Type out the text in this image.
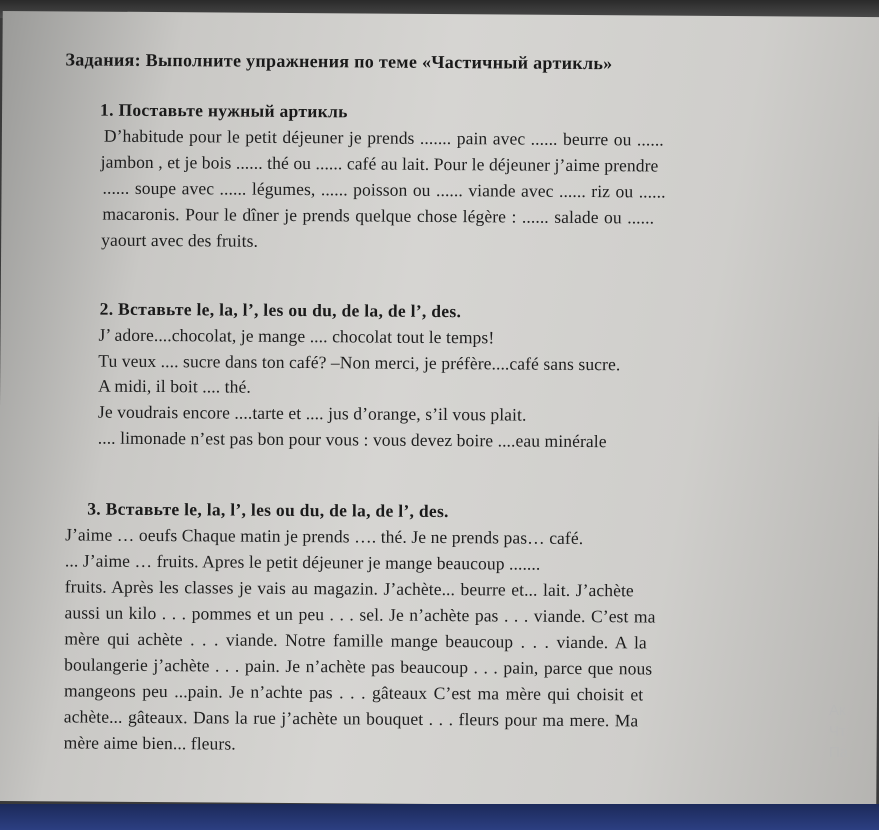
Задания: Выполните упражнения по теме «Частичный артикль»
1. Поставьте нужный артикль
D’habitude pour le petit déjeuner je prends ....... pain avec ...... beurre ou ......
jambon , et je bois ...... thé ou ...... café au lait. Pour le déjeuner j’aime prendre
...... soupe avec ...... légumes, ...... poisson ou ...... viande avec ...... riz ou ......
macaronis. Pour le dîner je prends quelque chose légère : ...... salade ou ......
yaourt avec des fruits.
2. Вставьте le, la, l’, les ou du, de la, de l’, des.
J’ adore....chocolat, je mange .... chocolat tout le temps!
Tu veux .... sucre dans ton café? –Non merci, je préfère....café sans sucre.
A midi, il boit .... thé.
Je voudrais encore ....tarte et .... jus d’orange, s’il vous plait.
.... limonade n’est pas bon pour vous : vous devez boire ....eau minérale
3. Вставьте le, la, l’, les ou du, de la, de l’, des.
J’aime … oeufs Chaque matin je prends …. thé. Je ne prends pas… café.
... J’aime … fruits. Apres le petit déjeuner je mange beaucoup .......
fruits. Après les classes je vais au magazin. J’achète... beurre et... lait. J’achète
aussi un kilo . . . pommes et un peu . . . sel. Je n’achète pas . . . viande. C’est ma
mère qui achète . . . viande. Notre famille mange beaucoup . . . viande. A la
boulangerie j’achète . . . pain. Je n’achète pas beaucoup . . . pain, parce que nous
mangeons peu ...pain. Je n’achte pas . . . gâteaux C’est ma mère qui choisit et
achète... gâteaux. Dans la rue j’achète un bouquet . . . fleurs pour ma mere. Ma
mère aime bien... fleurs.
Ак
Чт
Па
